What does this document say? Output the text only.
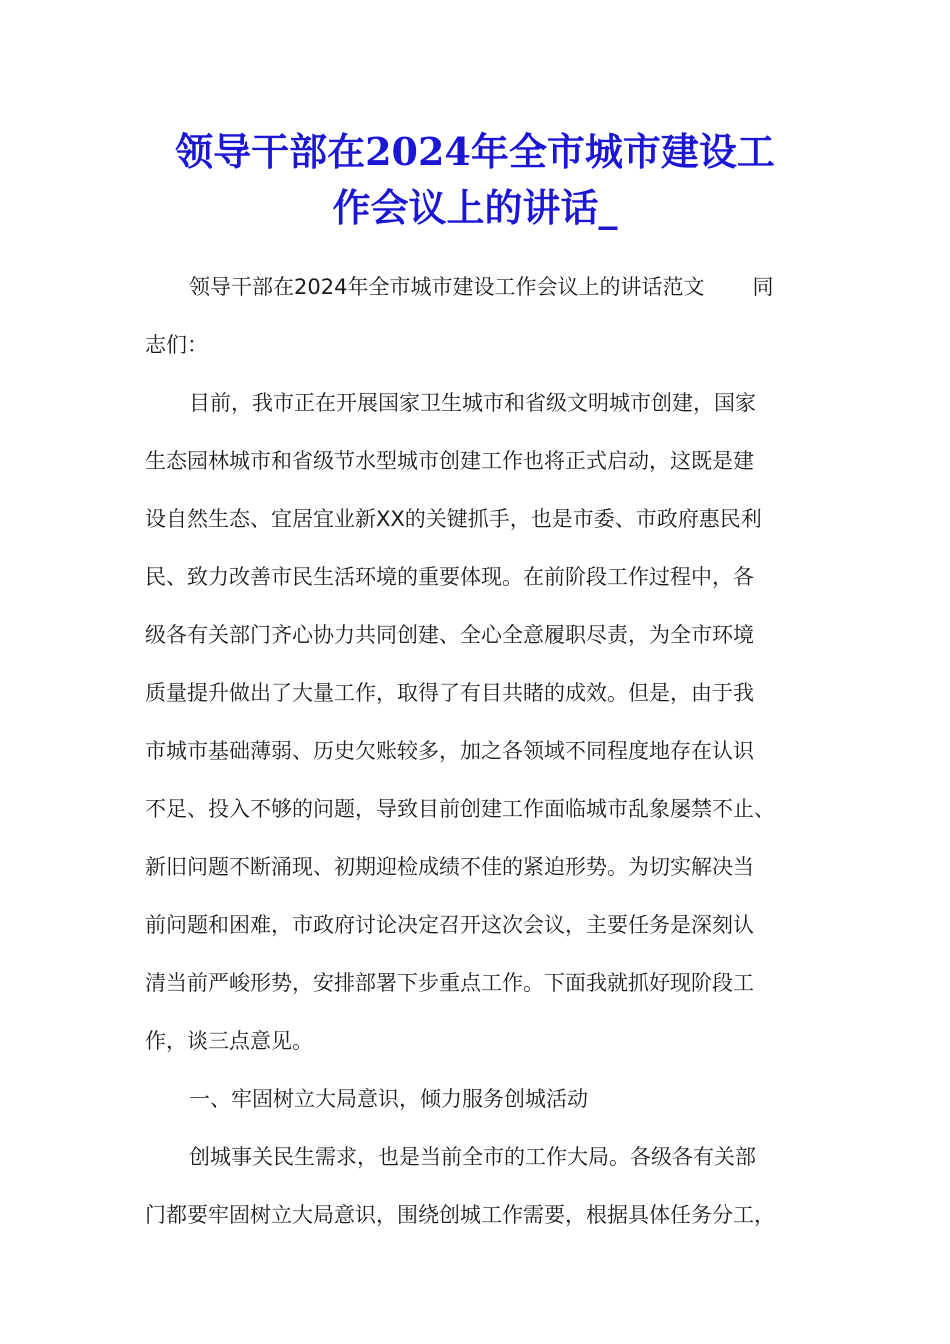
领导干部在2024年全市城市建设工
作会议上的讲话_
领导干部在2024年全市城市建设工作会议上的讲话范文 同
志们：
目前，我市正在开展国家卫生城市和省级文明城市创建，国家
生态园林城市和省级节水型城市创建工作也将正式启动，这既是建
设自然生态、宜居宜业新XX的关键抓手，也是市委、市政府惠民利
民、致力改善市民生活环境的重要体现。在前阶段工作过程中，各
级各有关部门齐心协力共同创建、全心全意履职尽责，为全市环境
质量提升做出了大量工作，取得了有目共睹的成效。但是，由于我
市城市基础薄弱、历史欠账较多，加之各领域不同程度地存在认识
不足、投入不够的问题，导致目前创建工作面临城市乱象屡禁不止、
新旧问题不断涌现、初期迎检成绩不佳的紧迫形势。为切实解决当
前问题和困难，市政府讨论决定召开这次会议，主要任务是深刻认
清当前严峻形势，安排部署下步重点工作。下面我就抓好现阶段工
作，谈三点意见。
一、牢固树立大局意识，倾力服务创城活动
创城事关民生需求，也是当前全市的工作大局。各级各有关部
门都要牢固树立大局意识，围绕创城工作需要，根据具体任务分工，
